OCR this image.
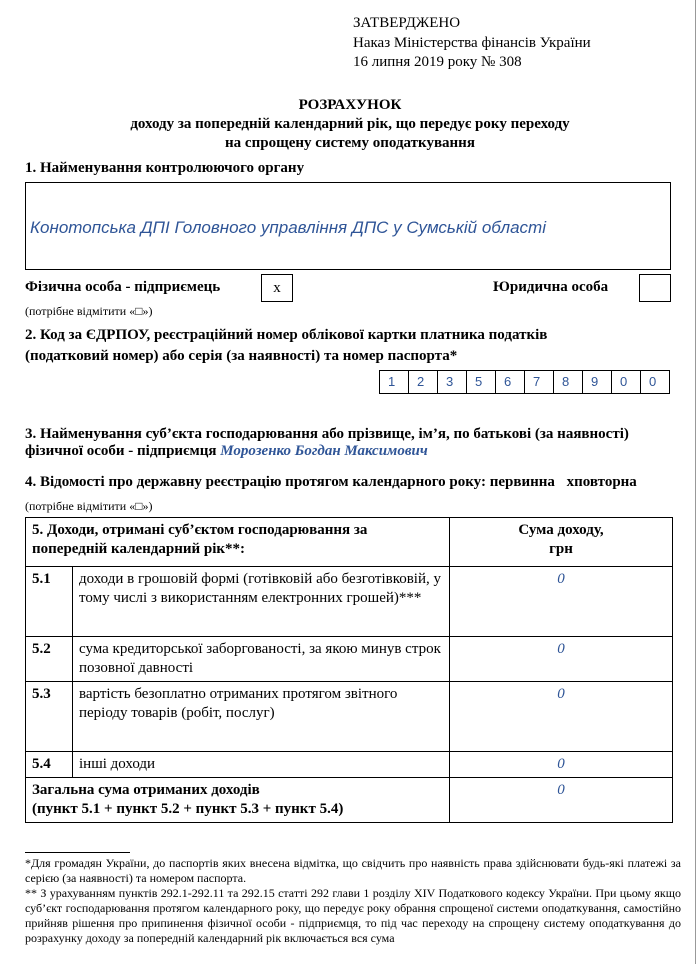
ЗАТВЕРДЖЕНО
Наказ Міністерства фінансів України
16 липня 2019 року № 308
РОЗРАХУНОК
доходу за попередній календарний рік, що передує року переходу
на спрощену систему оподаткування
1. Найменування контролюючого органу
Конотопська ДПІ Головного управління ДПС у Сумській області
Фізична особа - підприємець	x	Юридична особа
(потрібне відмітити «□»)
2. Код за ЄДРПОУ, реєстраційний номер облікової картки платника податків
(податковий номер) або серія (за наявності) та номер паспорта*
1	2	3	5	6	7	8	9	0	0
3. Найменування суб’єкта господарювання або прізвище, ім’я, по батькові (за наявності)
фізичної особи - підприємця Морозенко Богдан Максимович
4. Відомості про державну реєстрацію протягом календарного року: первинна xповторна
(потрібне відмітити «□»)
5. Доходи, отримані суб’єктом господарювання за попередній календарний рік**:		Сума доходу,
грн

5.1	доходи в грошовій формі (готівковій або безготівковій, у тому числі з використанням електронних грошей)***	0
5.2	сума кредиторської заборгованості, за якою минув строк позовної давності	0
5.3	вартість безоплатно отриманих протягом звітного періоду товарів (робіт, послуг)	0
5.4	інші доходи	0

Загальна сума отриманих доходів
(пункт 5.1 + пункт 5.2 + пункт 5.3 + пункт 5.4)		0
*Для громадян України, до паспортів яких внесена відмітка, що свідчить про наявність права здійснювати будь-які платежі за серією (за наявності) та номером паспорта.
** З урахуванням пунктів 292.1-292.11 та 292.15 статті 292 глави 1 розділу XIV Податкового кодексу України. При цьому якщо суб’єкт господарювання протягом календарного року, що передує року обрання спрощеної системи оподаткування, самостійно прийняв рішення про припинення фізичної особи - підприємця, то під час переходу на спрощену систему оподаткування до розрахунку доходу за попередній календарний рік включається вся сума
